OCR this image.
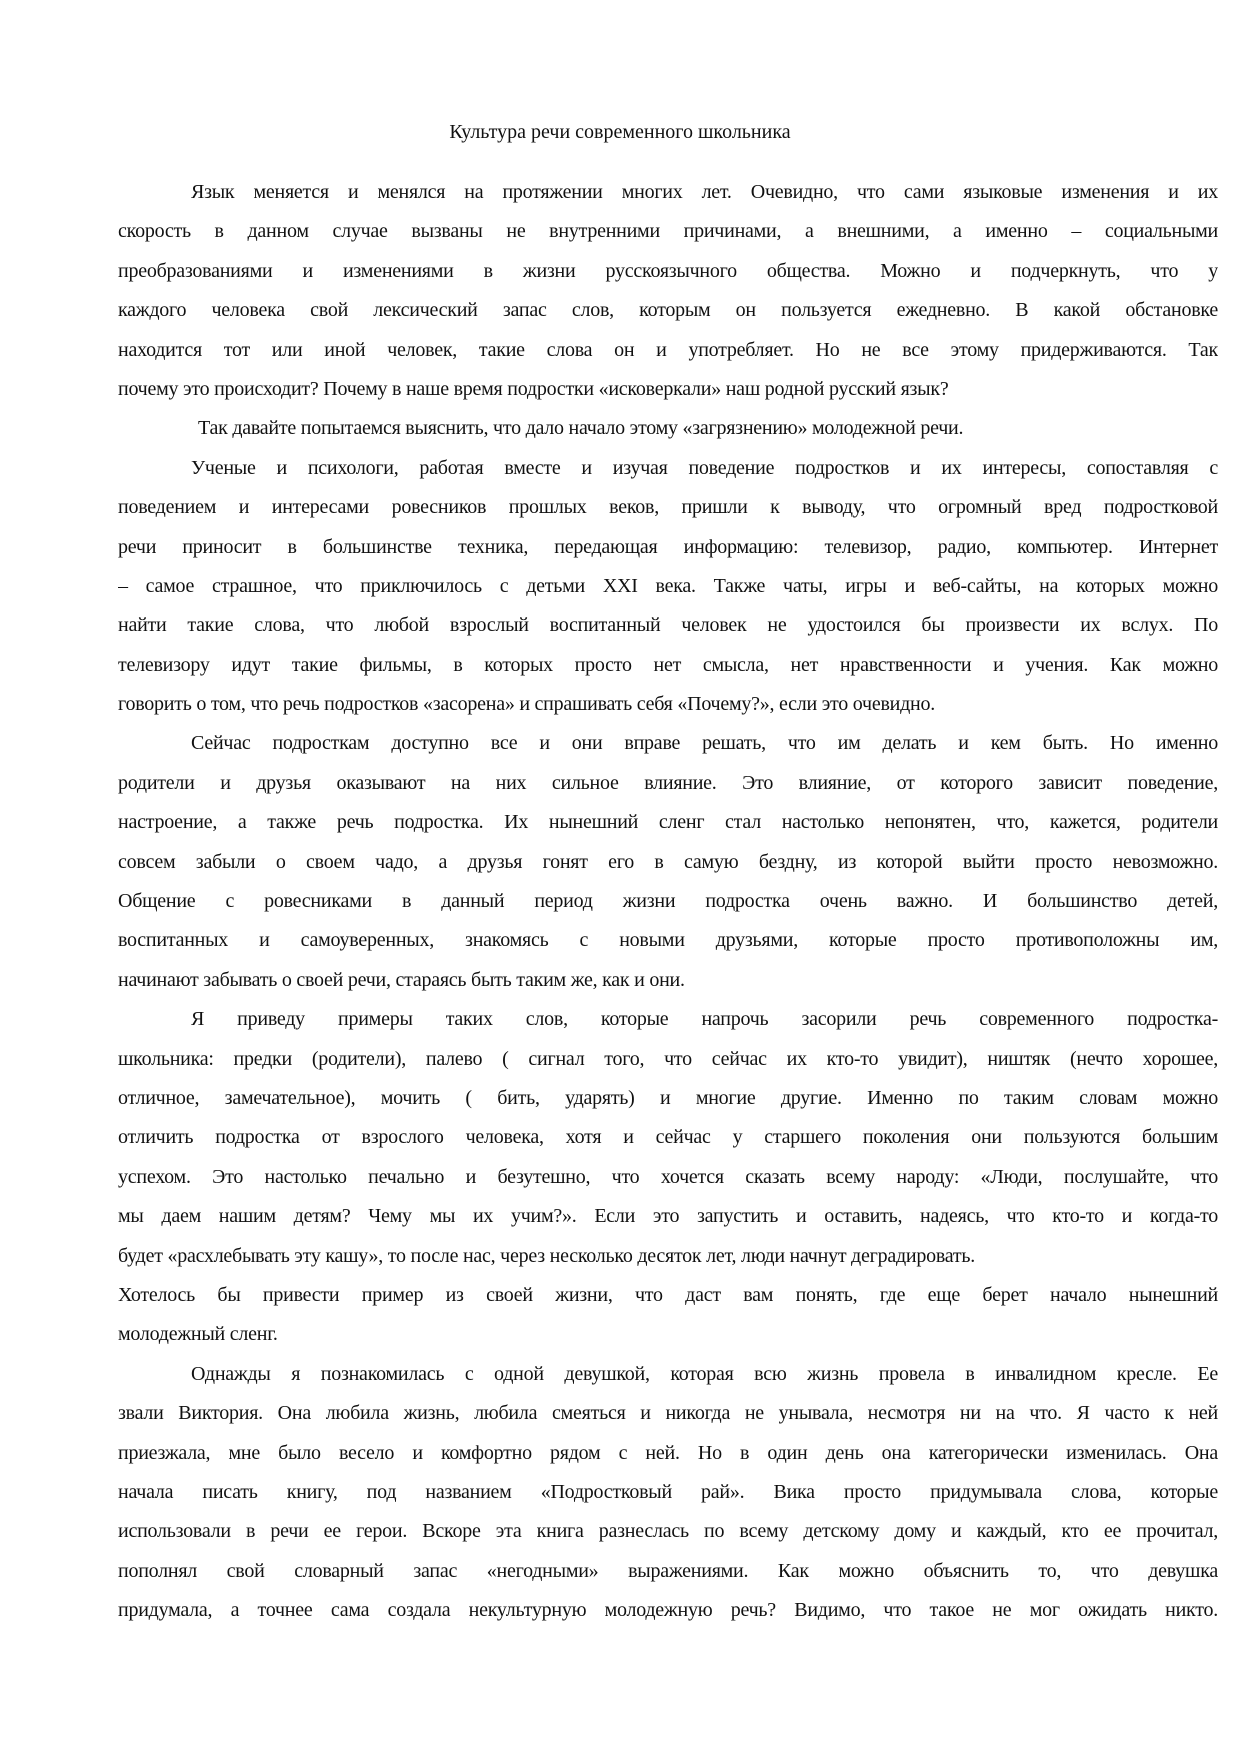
Культура речи современного школьника
Язык меняется и менялся на протяжении многих лет. Очевидно, что сами языковые изменения и их
скорость в данном случае вызваны не внутренними причинами, а внешними, а именно – социальными
преобразованиями и изменениями в жизни русскоязычного общества. Можно и подчеркнуть, что у
каждого человека свой лексический запас слов, которым он пользуется ежедневно. В какой обстановке
находится тот или иной человек, такие слова он и употребляет. Но не все этому придерживаются. Так
почему это происходит? Почему в наше время подростки «исковеркали» наш родной русский язык?
Так давайте попытаемся выяснить, что дало начало этому «загрязнению» молодежной речи.
Ученые и психологи, работая вместе и изучая поведение подростков и их интересы, сопоставляя с
поведением и интересами ровесников прошлых веков, пришли к выводу, что огромный вред подростковой
речи приносит в большинстве техника, передающая информацию: телевизор, радио, компьютер. Интернет
– самое страшное, что приключилось с детьми XXI века. Также чаты, игры и веб-сайты, на которых можно
найти такие слова, что любой взрослый воспитанный человек не удостоился бы произвести их вслух. По
телевизору идут такие фильмы, в которых просто нет смысла, нет нравственности и учения. Как можно
говорить о том, что речь подростков «засорена» и спрашивать себя «Почему?», если это очевидно.
Сейчас подросткам доступно все и они вправе решать, что им делать и кем быть. Но именно
родители и друзья оказывают на них сильное влияние. Это влияние, от которого зависит поведение,
настроение, а также речь подростка. Их нынешний сленг стал настолько непонятен, что, кажется, родители
совсем забыли о своем чадо, а друзья гонят его в самую бездну, из которой выйти просто невозможно.
Общение с ровесниками в данный период жизни подростка очень важно. И большинство детей,
воспитанных и самоуверенных, знакомясь с новыми друзьями, которые просто противоположны им,
начинают забывать о своей речи, стараясь быть таким же, как и они.
Я приведу примеры таких слов, которые напрочь засорили речь современного подростка-
школьника: предки (родители), палево ( сигнал того, что сейчас их кто-то увидит), ништяк (нечто хорошее,
отличное, замечательное), мочить ( бить, ударять) и многие другие. Именно по таким словам можно
отличить подростка от взрослого человека, хотя и сейчас у старшего поколения они пользуются большим
успехом. Это настолько печально и безутешно, что хочется сказать всему народу: «Люди, послушайте, что
мы даем нашим детям? Чему мы их учим?». Если это запустить и оставить, надеясь, что кто-то и когда-то
будет «расхлебывать эту кашу», то после нас, через несколько десяток лет, люди начнут деградировать.
Хотелось бы привести пример из своей жизни, что даст вам понять, где еще берет начало нынешний
молодежный сленг.
Однажды я познакомилась с одной девушкой, которая всю жизнь провела в инвалидном кресле. Ее
звали Виктория. Она любила жизнь, любила смеяться и никогда не унывала, несмотря ни на что. Я часто к ней
приезжала, мне было весело и комфортно рядом с ней. Но в один день она категорически изменилась. Она
начала писать книгу, под названием «Подростковый рай». Вика просто придумывала слова, которые
использовали в речи ее герои. Вскоре эта книга разнеслась по всему детскому дому и каждый, кто ее прочитал,
пополнял свой словарный запас «негодными» выражениями. Как можно объяснить то, что девушка
придумала, а точнее сама создала некультурную молодежную речь? Видимо, что такое не мог ожидать никто.
